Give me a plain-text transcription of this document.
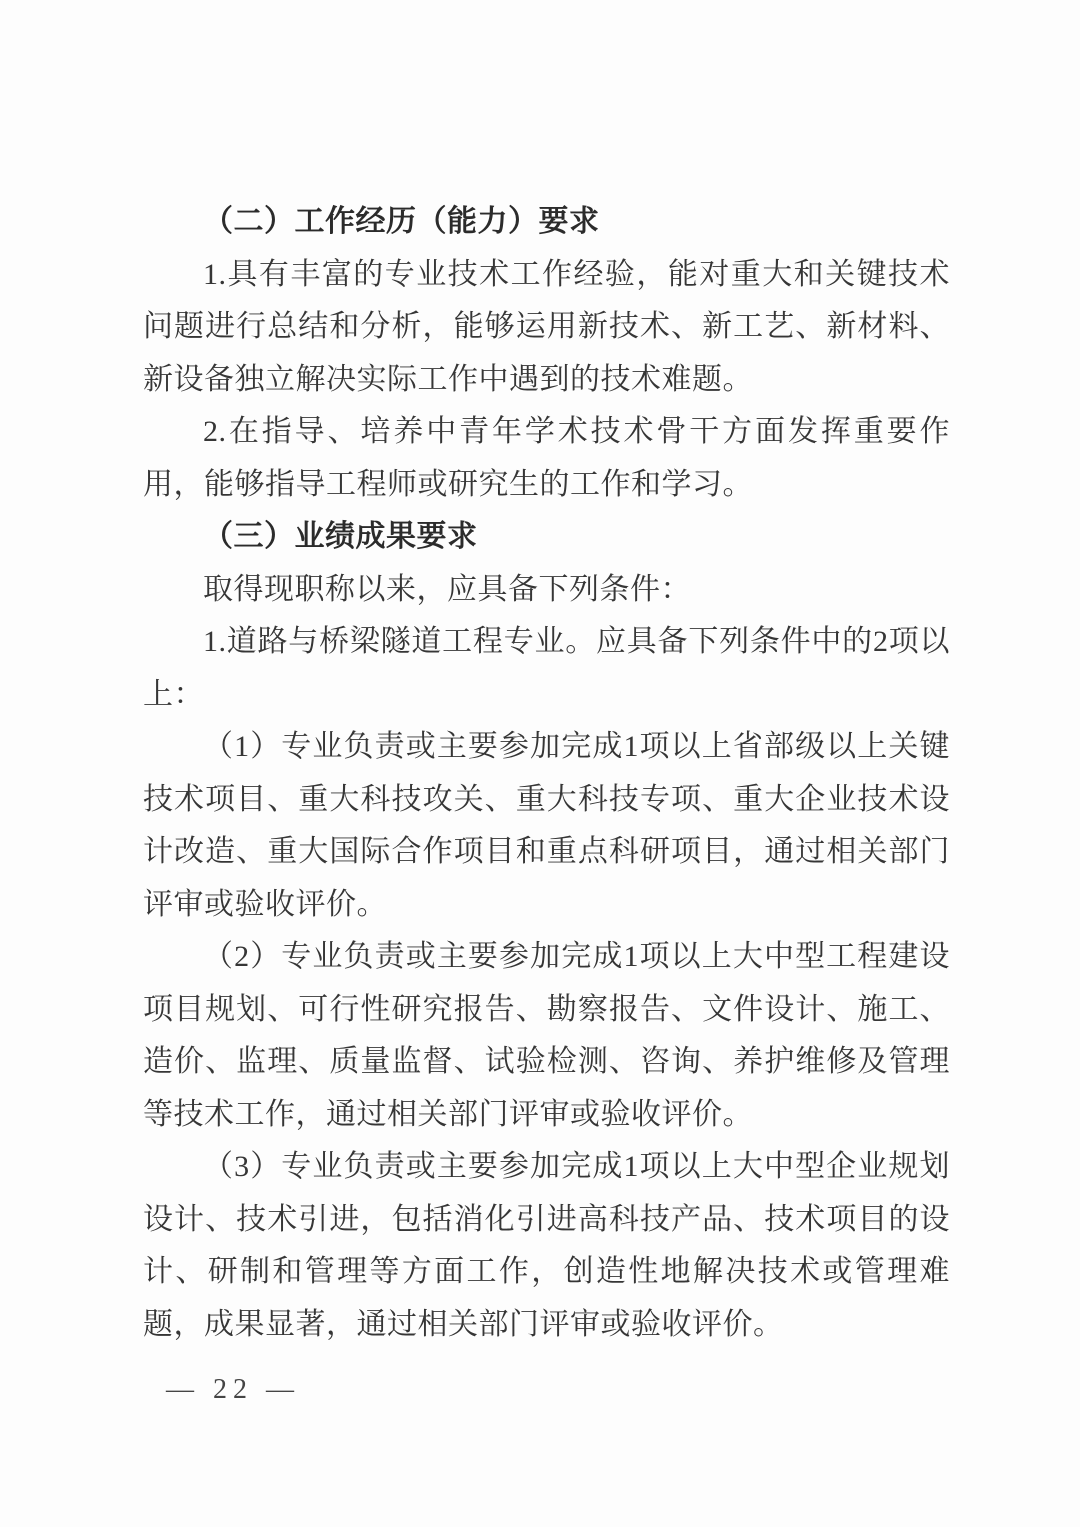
（二）工作经历（能力）要求

1.具有丰富的专业技术工作经验，能对重大和关键技术问题进行总结和分析，能够运用新技术、新工艺、新材料、新设备独立解决实际工作中遇到的技术难题。

2.在指导、培养中青年学术技术骨干方面发挥重要作用，能够指导工程师或研究生的工作和学习。

（三）业绩成果要求

取得现职称以来，应具备下列条件：

1.道路与桥梁隧道工程专业。应具备下列条件中的2项以上：

（1）专业负责或主要参加完成1项以上省部级以上关键技术项目、重大科技攻关、重大科技专项、重大企业技术设计改造、重大国际合作项目和重点科研项目，通过相关部门评审或验收评价。

（2）专业负责或主要参加完成1项以上大中型工程建设项目规划、可行性研究报告、勘察报告、文件设计、施工、造价、监理、质量监督、试验检测、咨询、养护维修及管理等技术工作，通过相关部门评审或验收评价。

（3）专业负责或主要参加完成1项以上大中型企业规划设计、技术引进，包括消化引进高科技产品、技术项目的设计、研制和管理等方面工作，创造性地解决技术或管理难题，成果显著，通过相关部门评审或验收评价。

— 22 —
